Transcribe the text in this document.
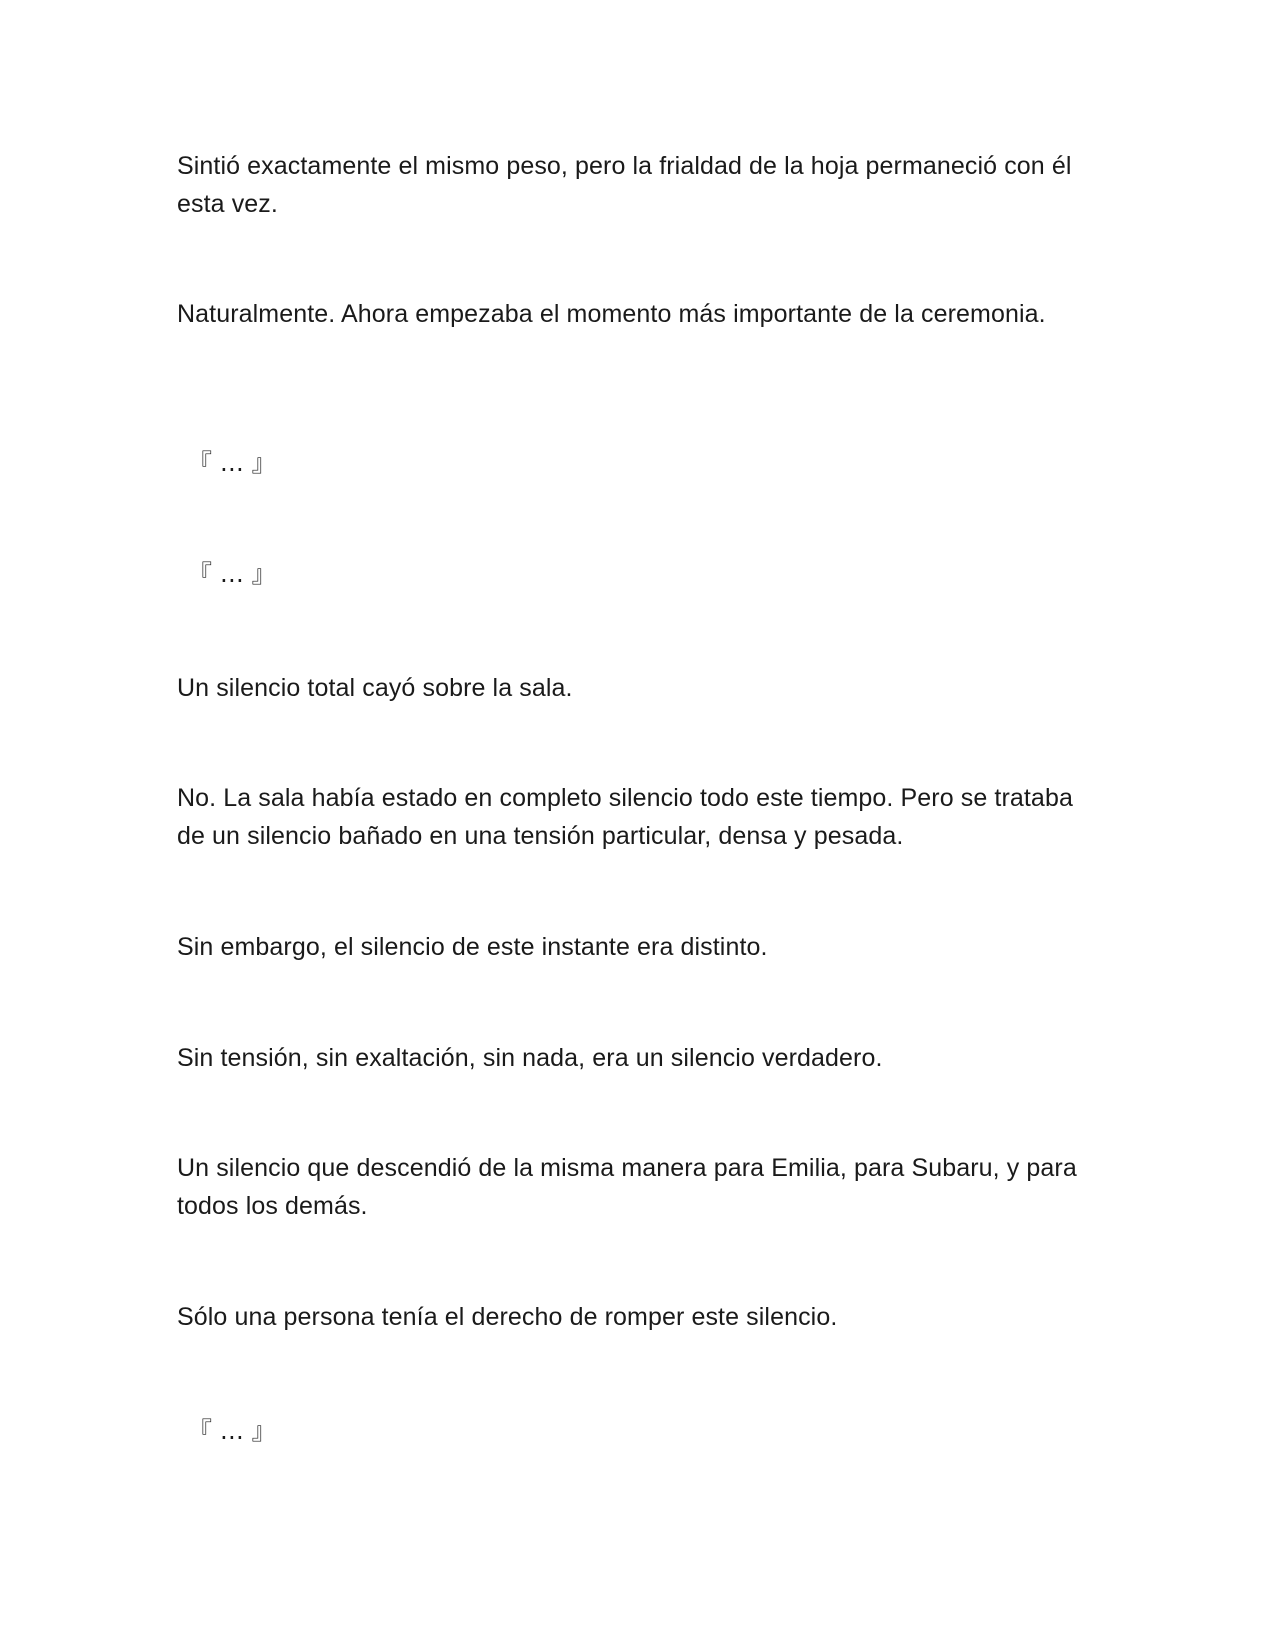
Sintió exactamente el mismo peso, pero la frialdad de la hoja permaneció con él esta vez.

Naturalmente. Ahora empezaba el momento más importante de la ceremonia.

『 … 』

『 … 』

Un silencio total cayó sobre la sala.

No. La sala había estado en completo silencio todo este tiempo. Pero se trataba de un silencio bañado en una tensión particular, densa y pesada.

Sin embargo, el silencio de este instante era distinto.

Sin tensión, sin exaltación, sin nada, era un silencio verdadero.

Un silencio que descendió de la misma manera para Emilia, para Subaru, y para todos los demás.

Sólo una persona tenía el derecho de romper este silencio.

『 … 』
